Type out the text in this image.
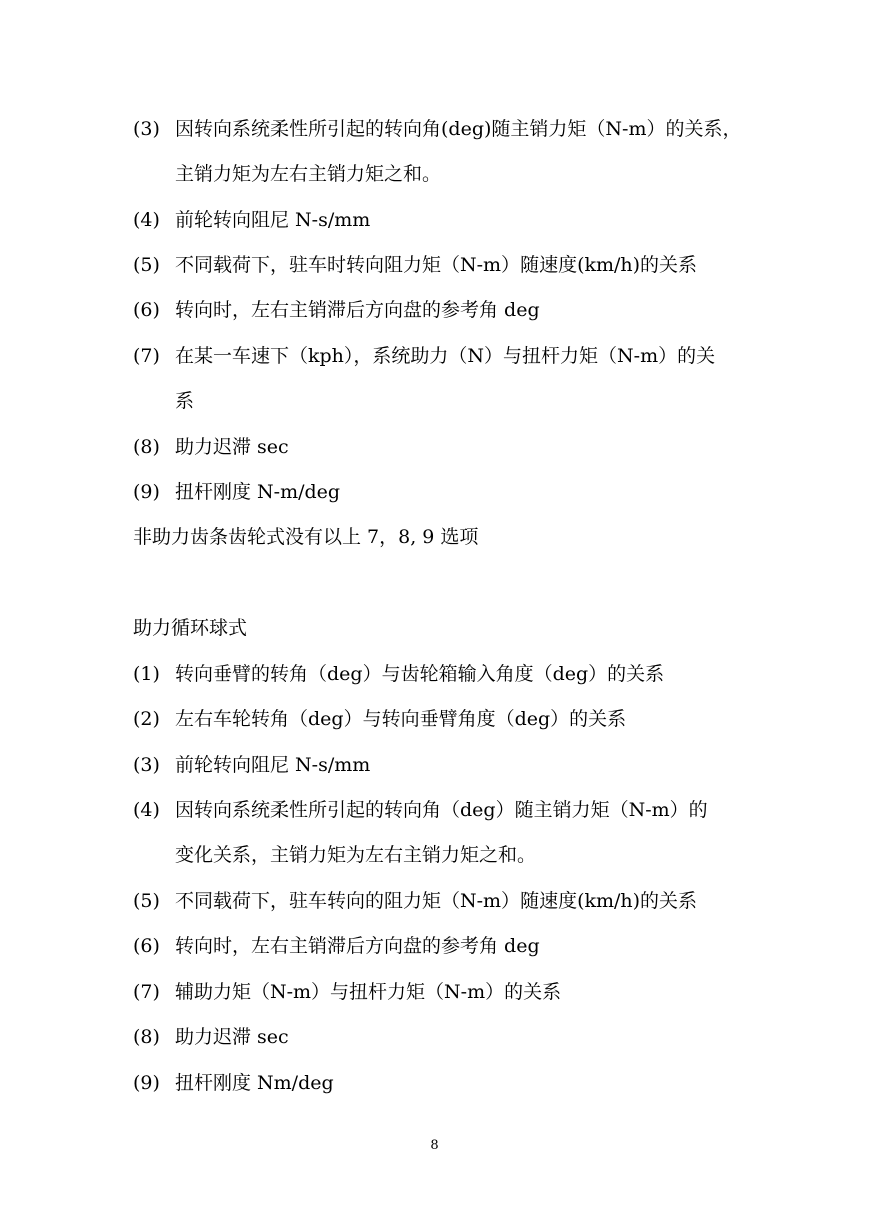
(3) 因转向系统柔性所引起的转向角(deg)随主销力矩（N-m）的关系，
主销力矩为左右主销力矩之和。
(4) 前轮转向阻尼 N-s/mm
(5) 不同载荷下，驻车时转向阻力矩（N-m）随速度(km/h)的关系
(6) 转向时，左右主销滞后方向盘的参考角 deg
(7) 在某一车速下（kph），系统助力（N）与扭杆力矩（N-m）的关
系
(8) 助力迟滞 sec
(9) 扭杆刚度 N-m/deg
非助力齿条齿轮式没有以上 7，8, 9 选项
助力循环球式
(1) 转向垂臂的转角（deg）与齿轮箱输入角度（deg）的关系
(2) 左右车轮转角（deg）与转向垂臂角度（deg）的关系
(3) 前轮转向阻尼 N-s/mm
(4) 因转向系统柔性所引起的转向角（deg）随主销力矩（N-m）的
变化关系，主销力矩为左右主销力矩之和。
(5) 不同载荷下，驻车转向的阻力矩（N-m）随速度(km/h)的关系
(6) 转向时，左右主销滞后方向盘的参考角 deg
(7) 辅助力矩（N-m）与扭杆力矩（N-m）的关系
(8) 助力迟滞 sec
(9) 扭杆刚度 Nm/deg
8
